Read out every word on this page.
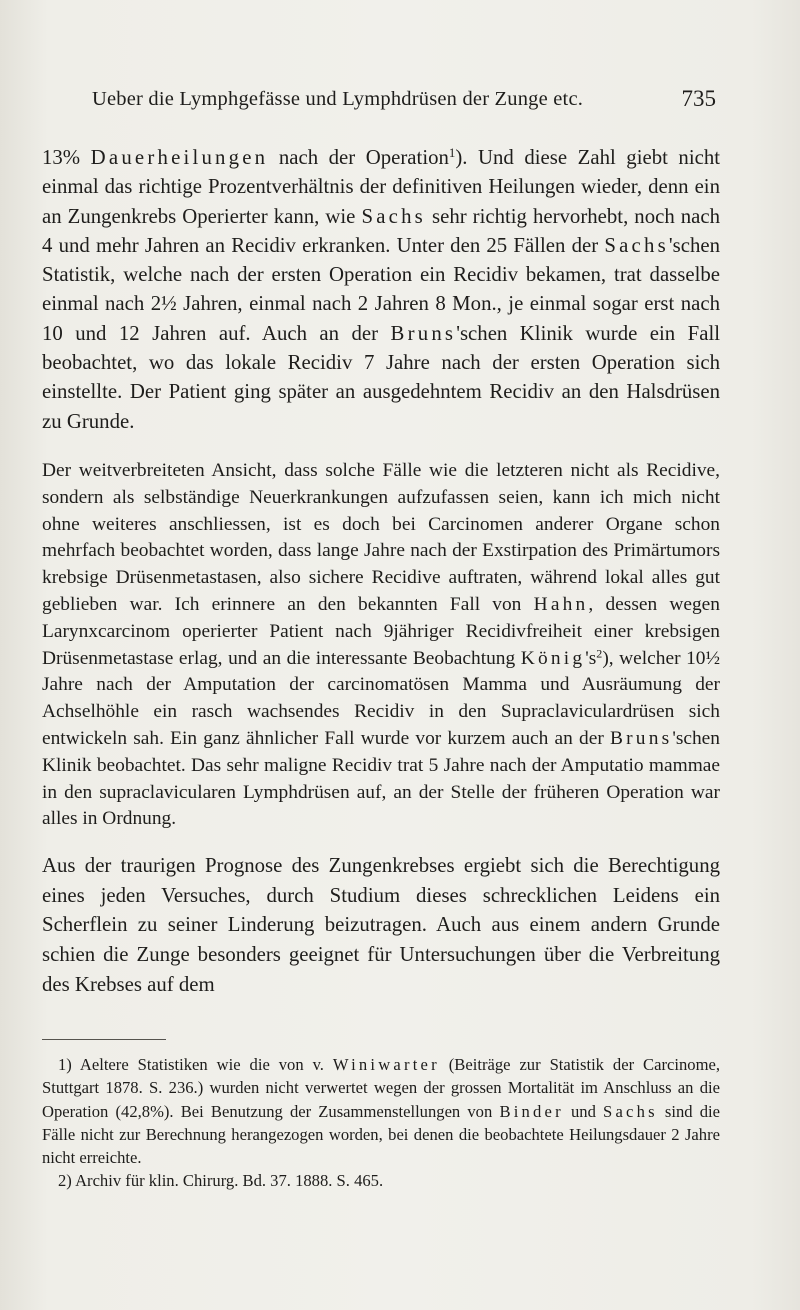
Ueber die Lymphgefässe und Lymphdrüsen der Zunge etc.	735

13% Dauerheilungen nach der Operation$^1$). Und diese Zahl giebt nicht einmal das richtige Prozentverhältnis der definitiven Heilungen wieder, denn ein an Zungenkrebs Operierter kann, wie Sachs sehr richtig hervorhebt, noch nach 4 und mehr Jahren an Recidiv erkranken. Unter den 25 Fällen der Sachs'schen Statistik, welche nach der ersten Operation ein Recidiv bekamen, trat dasselbe einmal nach 2½ Jahren, einmal nach 2 Jahren 8 Mon., je einmal sogar erst nach 10 und 12 Jahren auf. Auch an der Bruns'schen Klinik wurde ein Fall beobachtet, wo das lokale Recidiv 7 Jahre nach der ersten Operation sich einstellte. Der Patient ging später an ausgedehntem Recidiv an den Halsdrüsen zu Grunde.

Der weitverbreiteten Ansicht, dass solche Fälle wie die letzteren nicht als Recidive, sondern als selbständige Neuerkrankungen aufzufassen seien, kann ich mich nicht ohne weiteres anschliessen, ist es doch bei Carcinomen anderer Organe schon mehrfach beobachtet worden, dass lange Jahre nach der Exstirpation des Primärtumors krebsige Drüsenmetastasen, also sichere Recidive auftraten, während lokal alles gut geblieben war. Ich erinnere an den bekannten Fall von Hahn, dessen wegen Larynxcarcinom operierter Patient nach 9jähriger Recidivfreiheit einer krebsigen Drüsenmetastase erlag, und an die interessante Beobachtung $König's^2$), welcher 10½ Jahre nach der Amputation der carcinomatösen Mamma und Ausräumung der Achselhöhle ein rasch wachsendes Recidiv in den Supraclaviculardrüsen sich entwickeln sah. Ein ganz ähnlicher Fall wurde vor kurzem auch an der Bruns'schen Klinik beobachtet. Das sehr maligne Recidiv trat 5 Jahre nach der Amputatio mammae in den supraclavicularen Lymphdrüsen auf, an der Stelle der früheren Operation war alles in Ordnung.

Aus der traurigen Prognose des Zungenkrebses ergiebt sich die Berechtigung eines jeden Versuches, durch Studium dieses schrecklichen Leidens ein Scherflein zu seiner Linderung beizutragen. Auch aus einem andern Grunde schien die Zunge besonders geeignet für Untersuchungen über die Verbreitung des Krebses auf dem

1) Aeltere Statistiken wie die von v. Winiwarter (Beiträge zur Statistik der Carcinome, Stuttgart 1878. S. 236.) wurden nicht verwertet wegen der grossen Mortalität im Anschluss an die Operation (42,8%). Bei Benutzung der Zusammenstellungen von Binder und Sachs sind die Fälle nicht zur Berechnung herangezogen worden, bei denen die beobachtete Heilungsdauer 2 Jahre nicht erreichte.

2) Archiv für klin. Chirurg. Bd. 37. 1888. S. 465.
